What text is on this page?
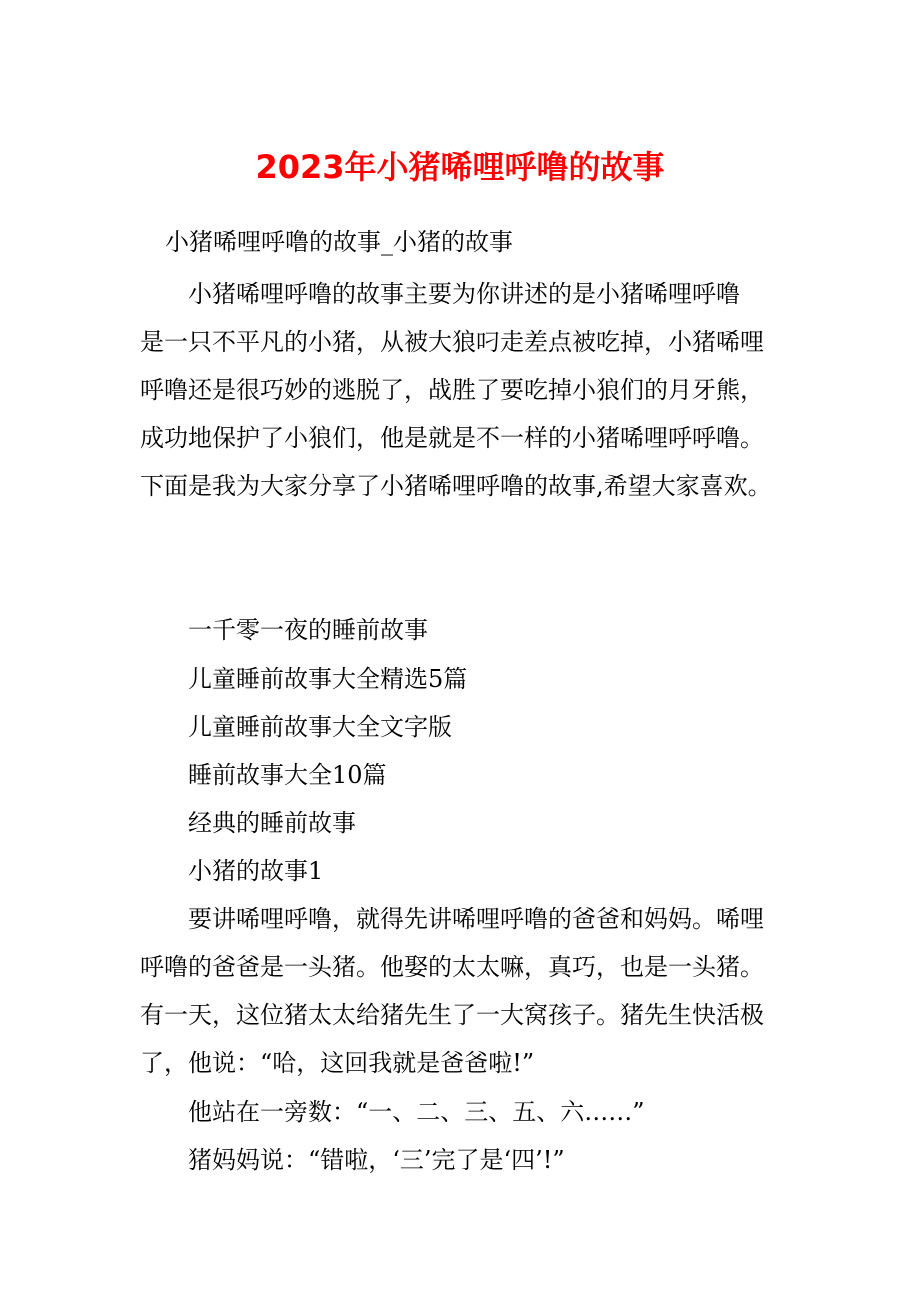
2023年小猪唏哩呼噜的故事
小猪唏哩呼噜的故事_小猪的故事
小猪唏哩呼噜的故事主要为你讲述的是小猪唏哩呼噜
是一只不平凡的小猪，从被大狼叼走差点被吃掉，小猪唏哩
呼噜还是很巧妙的逃脱了，战胜了要吃掉小狼们的月牙熊，
成功地保护了小狼们，他是就是不一样的小猪唏哩呼呼噜。
下面是我为大家分享了小猪唏哩呼噜的故事,希望大家喜欢。
一千零一夜的睡前故事
儿童睡前故事大全精选5篇
儿童睡前故事大全文字版
睡前故事大全10篇
经典的睡前故事
小猪的故事1
要讲唏哩呼噜，就得先讲唏哩呼噜的爸爸和妈妈。唏哩
呼噜的爸爸是一头猪。他娶的太太嘛，真巧，也是一头猪。
有一天，这位猪太太给猪先生了一大窝孩子。猪先生快活极
了，他说：“哈，这回我就是爸爸啦!”
他站在一旁数：“一、二、三、五、六……”
猪妈妈说：“错啦，‘三’完了是‘四’!”
